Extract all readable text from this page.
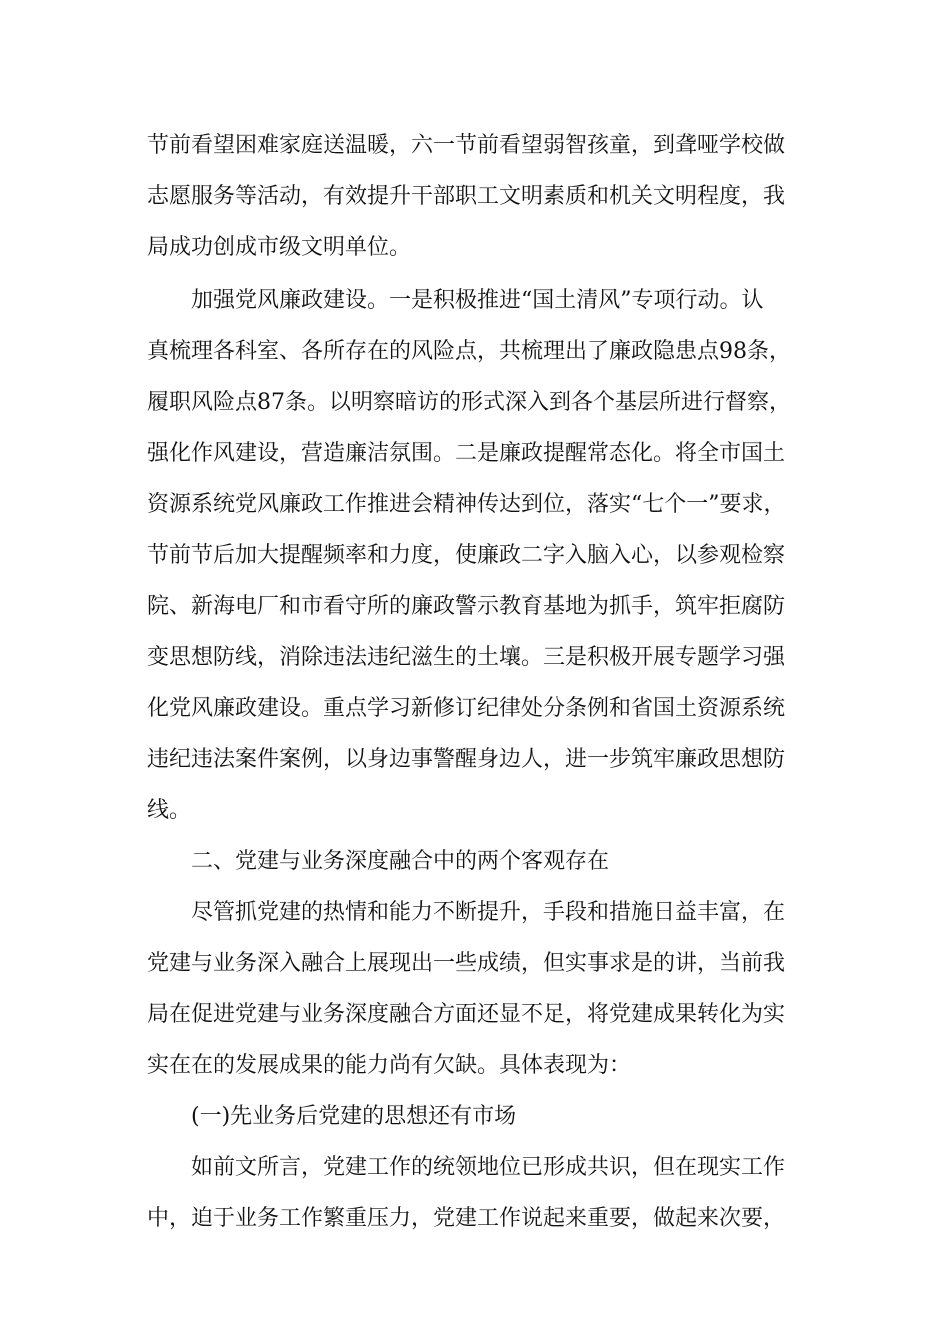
节前看望困难家庭送温暖，六一节前看望弱智孩童，到聋哑学校做
志愿服务等活动，有效提升干部职工文明素质和机关文明程度，我
局成功创成市级文明单位。
加强党风廉政建设。一是积极推进“国土清风”专项行动。认
真梳理各科室、各所存在的风险点，共梳理出了廉政隐患点98条，
履职风险点87条。以明察暗访的形式深入到各个基层所进行督察，
强化作风建设，营造廉洁氛围。二是廉政提醒常态化。将全市国土
资源系统党风廉政工作推进会精神传达到位，落实“七个一”要求，
节前节后加大提醒频率和力度，使廉政二字入脑入心，以参观检察
院、新海电厂和市看守所的廉政警示教育基地为抓手，筑牢拒腐防
变思想防线，消除违法违纪滋生的土壤。三是积极开展专题学习强
化党风廉政建设。重点学习新修订纪律处分条例和省国土资源系统
违纪违法案件案例，以身边事警醒身边人，进一步筑牢廉政思想防
线。
二、党建与业务深度融合中的两个客观存在
尽管抓党建的热情和能力不断提升，手段和措施日益丰富，在
党建与业务深入融合上展现出一些成绩，但实事求是的讲，当前我
局在促进党建与业务深度融合方面还显不足，将党建成果转化为实
实在在的发展成果的能力尚有欠缺。具体表现为：
(一)先业务后党建的思想还有市场
如前文所言，党建工作的统领地位已形成共识，但在现实工作
中，迫于业务工作繁重压力，党建工作说起来重要，做起来次要，
